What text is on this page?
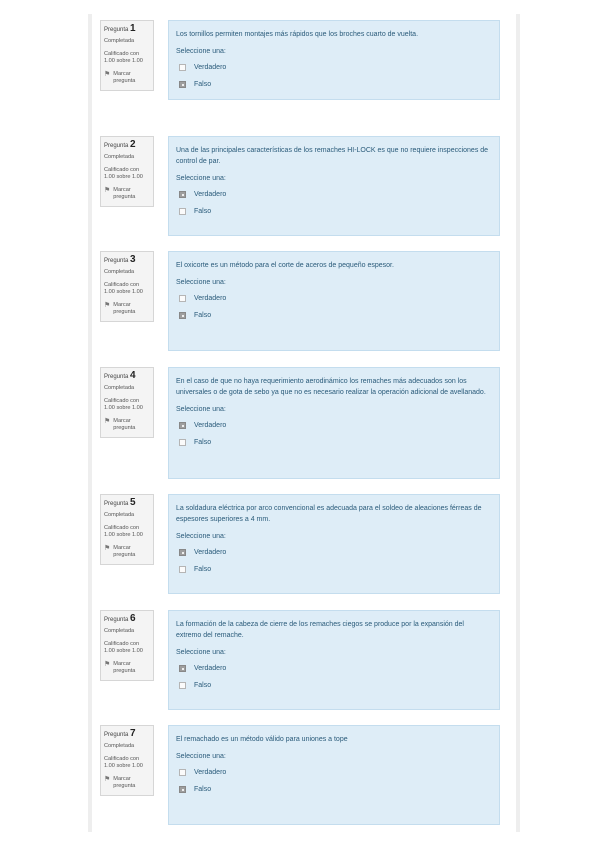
Pregunta 1
Completada
Calificado con 1.00 sobre 1.00
⚑ Marcar pregunta
Los tornillos permiten montajes más rápidos que los broches cuarto de vuelta.
Seleccione una:
Verdadero
Falso
Pregunta 2
Completada
Calificado con 1.00 sobre 1.00
⚑ Marcar pregunta
Una de las principales características de los remaches HI-LOCK es que no requiere inspecciones de control de par.
Seleccione una:
Verdadero
Falso
Pregunta 3
Completada
Calificado con 1.00 sobre 1.00
⚑ Marcar pregunta
El oxicorte es un método para el corte de aceros de pequeño espesor.
Seleccione una:
Verdadero
Falso
Pregunta 4
Completada
Calificado con 1.00 sobre 1.00
⚑ Marcar pregunta
En el caso de que no haya requerimiento aerodinámico los remaches más adecuados son los universales o de gota de sebo ya que no es necesario realizar la operación adicional de avellanado.
Seleccione una:
Verdadero
Falso
Pregunta 5
Completada
Calificado con 1.00 sobre 1.00
⚑ Marcar pregunta
La soldadura eléctrica por arco convencional es adecuada para el soldeo de aleaciones férreas de espesores superiores a 4 mm.
Seleccione una:
Verdadero
Falso
Pregunta 6
Completada
Calificado con 1.00 sobre 1.00
⚑ Marcar pregunta
La formación de la cabeza de cierre de los remaches ciegos se produce por la expansión del extremo del remache.
Seleccione una:
Verdadero
Falso
Pregunta 7
Completada
Calificado con 1.00 sobre 1.00
⚑ Marcar pregunta
El remachado es un método válido para uniones a tope
Seleccione una:
Verdadero
Falso
